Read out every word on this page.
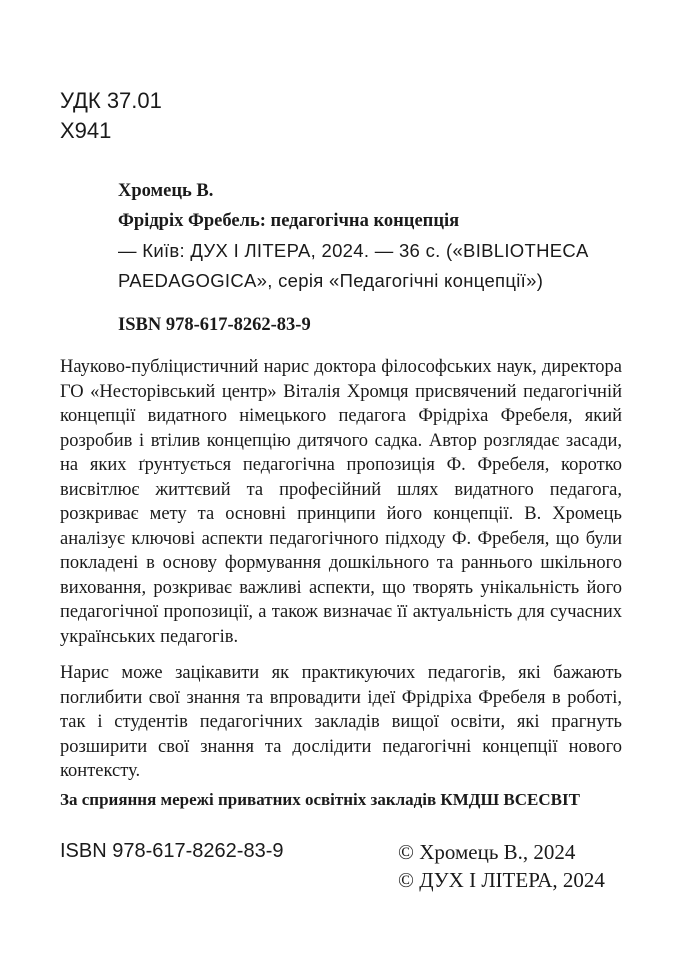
УДК 37.01
Х941
Хромець В.
Фрідріх Фребель: педагогічна концепція
— Київ: ДУХ І ЛІТЕРА, 2024. — 36 с. («BIBLIOTHECA
PAEDAGOGICA», серія «Педагогічні концепції»)
ISBN 978-617-8262-83-9

Науково-публіцистичний нарис доктора філософських наук, директора ГО «Несторівський центр» Віталія Хромця присвячений педагогічній концепції видатного німецького педагога Фрідріха Фребеля, який розробив і втілив концепцію дитячого садка. Автор розглядає засади, на яких ґрунтується педагогічна пропозиція Ф. Фребеля, коротко висвітлює життєвий та професійний шлях видатного педагога, розкриває мету та основні принципи його концепції. В. Хромець аналізує ключові аспекти педагогічного підходу Ф. Фребеля, що були покладені в основу формування дошкільного та раннього шкільного виховання, розкриває важливі аспекти, що творять унікальність його педагогічної пропозиції, а також визначає її актуальність для сучасних українських педагогів.

Нарис може зацікавити як практикуючих педагогів, які бажають поглибити свої знання та впровадити ідеї Фрідріха Фребеля в роботі, так і студентів педагогічних закладів вищої освіти, які прагнуть розширити свої знання та дослідити педагогічні концепції нового контексту.

За сприяння мережі приватних освітніх закладів КМДШ ВСЕСВІТ
ISBN 978-617-8262-83-9	© Хромець В., 2024
© ДУХ І ЛІТЕРА, 2024
